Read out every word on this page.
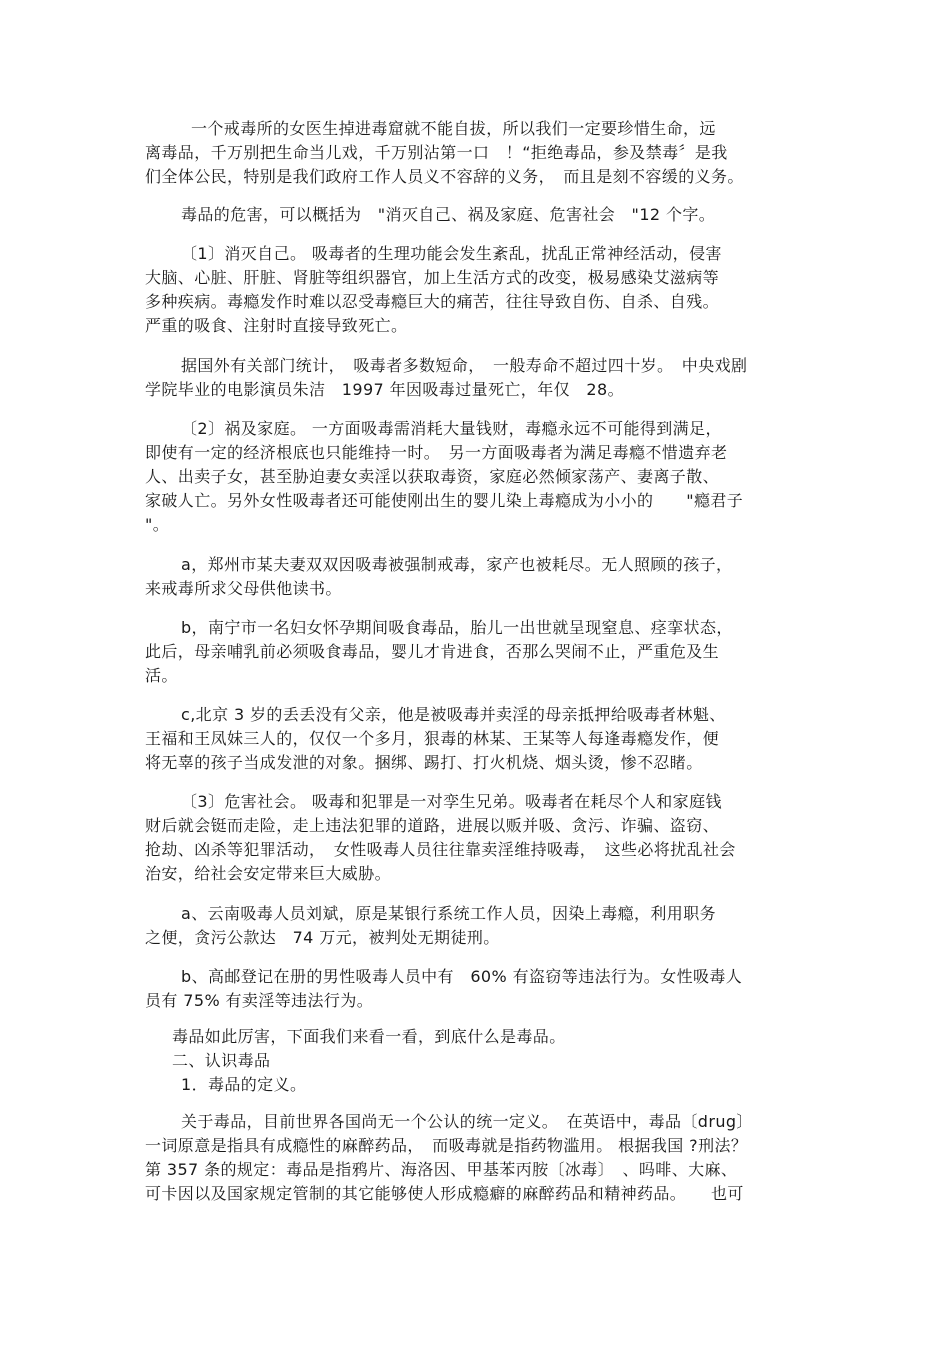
一个戒毒所的女医生掉进毒窟就不能自拔，所以我们一定要珍惜生命，远
离毒品，千万别把生命当儿戏，千万别沾第一口　！“拒绝毒品，参及禁毒〞是我
们全体公民，特别是我们政府工作人员义不容辞的义务，　而且是刻不容缓的义务。
毒品的危害，可以概括为　"消灭自己、祸及家庭、危害社会　"12 个字。
〔1〕消灭自己。 吸毒者的生理功能会发生紊乱，扰乱正常神经活动，侵害
大脑、心脏、肝脏、肾脏等组织器官，加上生活方式的改变，极易感染艾滋病等
多种疾病。毒瘾发作时难以忍受毒瘾巨大的痛苦，往往导致自伤、自杀、自残。
严重的吸食、注射时直接导致死亡。
据国外有关部门统计，　吸毒者多数短命，　一般寿命不超过四十岁。　中央戏剧
学院毕业的电影演员朱洁　1997 年因吸毒过量死亡，年仅　28。
〔2〕祸及家庭。 一方面吸毒需消耗大量钱财，毒瘾永远不可能得到满足，
即使有一定的经济根底也只能维持一时。　另一方面吸毒者为满足毒瘾不惜遗弃老
人、出卖子女，甚至胁迫妻女卖淫以获取毒资，家庭必然倾家荡产、妻离子散、
家破人亡。另外女性吸毒者还可能使刚出生的婴儿染上毒瘾成为小小的　　"瘾君子
"。
a，郑州市某夫妻双双因吸毒被强制戒毒，家产也被耗尽。无人照顾的孩子，
来戒毒所求父母供他读书。
b，南宁市一名妇女怀孕期间吸食毒品，胎儿一出世就呈现窒息、痉挛状态，
此后，母亲哺乳前必须吸食毒品，婴儿才肯进食，否那么哭闹不止，严重危及生
活。
c,北京 3 岁的丢丢没有父亲，他是被吸毒并卖淫的母亲抵押给吸毒者林魁、
王福和王凤妹三人的，仅仅一个多月，狠毒的林某、王某等人每逢毒瘾发作，便
将无辜的孩子当成发泄的对象。捆绑、踢打、打火机烧、烟头烫，惨不忍睹。
〔3〕危害社会。 吸毒和犯罪是一对孪生兄弟。吸毒者在耗尽个人和家庭钱
财后就会铤而走险，走上违法犯罪的道路，进展以贩并吸、贪污、诈骗、盗窃、
抢劫、凶杀等犯罪活动，　女性吸毒人员往往靠卖淫维持吸毒，　这些必将扰乱社会
治安，给社会安定带来巨大威胁。
a、云南吸毒人员刘斌，原是某银行系统工作人员，因染上毒瘾，利用职务
之便，贪污公款达　74 万元，被判处无期徒刑。
b、高邮登记在册的男性吸毒人员中有　60% 有盗窃等违法行为。女性吸毒人
员有 75% 有卖淫等违法行为。
毒品如此厉害，下面我们来看一看，到底什么是毒品。
二、认识毒品
1．毒品的定义。
关于毒品，目前世界各国尚无一个公认的统一定义。　在英语中，毒品〔drug〕
一词原意是指具有成瘾性的麻醉药品，　而吸毒就是指药物滥用。 根据我国 ?刑法？
第 357 条的规定：毒品是指鸦片、海洛因、甲基苯丙胺〔冰毒〕　、吗啡、大麻、
可卡因以及国家规定管制的其它能够使人形成瘾癖的麻醉药品和精神药品。　　也可
